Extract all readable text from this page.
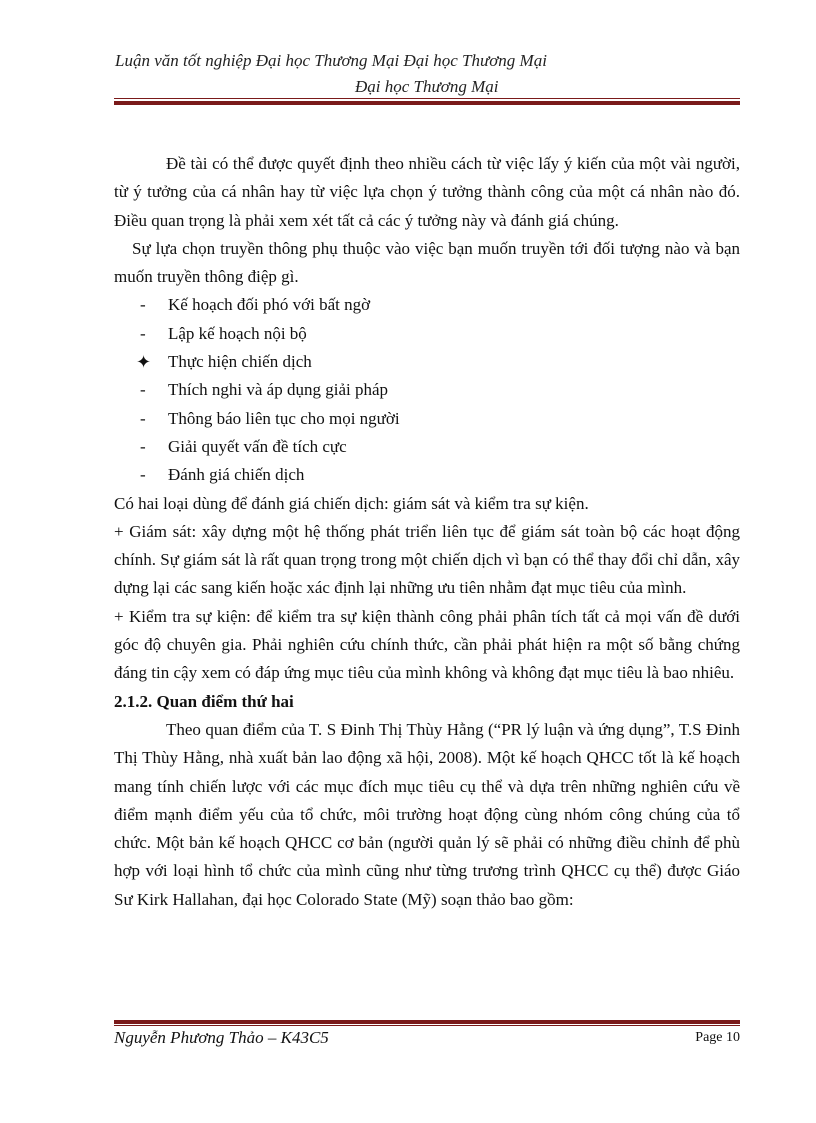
Luận văn tốt nghiệp Đại học Thương Mại Đại học Thương Mại
Đại học Thương Mại

Đề tài có thể được quyết định theo nhiều cách từ việc lấy ý kiến của một vài người, từ ý tưởng của cá nhân hay từ việc lựa chọn ý tưởng thành công của một cá nhân nào đó. Điều quan trọng là phải xem xét tất cả các ý tưởng này và đánh giá chúng.

Sự lựa chọn truyền thông phụ thuộc vào việc bạn muốn truyền tới đối tượng nào và bạn muốn truyền thông điệp gì.

- Kế hoạch đối phó với bất ngờ
- Lập kế hoạch nội bộ
✦ Thực hiện chiến dịch
- Thích nghi và áp dụng giải pháp
- Thông báo liên tục cho mọi người
- Giải quyết vấn đề tích cực
- Đánh giá chiến dịch

Có hai loại dùng để đánh giá chiến dịch: giám sát và kiểm tra sự kiện.

+ Giám sát: xây dựng một hệ thống phát triển liên tục để giám sát toàn bộ các hoạt động chính. Sự giám sát là rất quan trọng trong một chiến dịch vì bạn có thể thay đổi chỉ dẫn, xây dựng lại các sang kiến hoặc xác định lại những ưu tiên nhằm đạt mục tiêu của mình.

+ Kiểm tra sự kiện: để kiểm tra sự kiện thành công phải phân tích tất cả mọi vấn đề dưới góc độ chuyên gia. Phải nghiên cứu chính thức, cần phải phát hiện ra một số bằng chứng đáng tin cậy xem có đáp ứng mục tiêu của mình không và không đạt mục tiêu là bao nhiêu.

2.1.2. Quan điểm thứ hai

Theo quan điểm của T. S Đinh Thị Thùy Hằng (“PR lý luận và ứng dụng”, T.S Đinh Thị Thùy Hằng, nhà xuất bản lao động xã hội, 2008). Một kế hoạch QHCC tốt là kế hoạch mang tính chiến lược với các mục đích mục tiêu cụ thể và dựa trên những nghiên cứu về điểm mạnh điểm yếu của tổ chức, môi trường hoạt động cùng nhóm công chúng của tổ chức. Một bản kế hoạch QHCC cơ bản (người quản lý sẽ phải có những điều chỉnh để phù hợp với loại hình tổ chức của mình cũng như từng trương trình QHCC cụ thể) được Giáo Sư Kirk Hallahan, đại học Colorado State (Mỹ) soạn thảo bao gồm:

Nguyễn Phương Thảo – K43C5	Page 10
